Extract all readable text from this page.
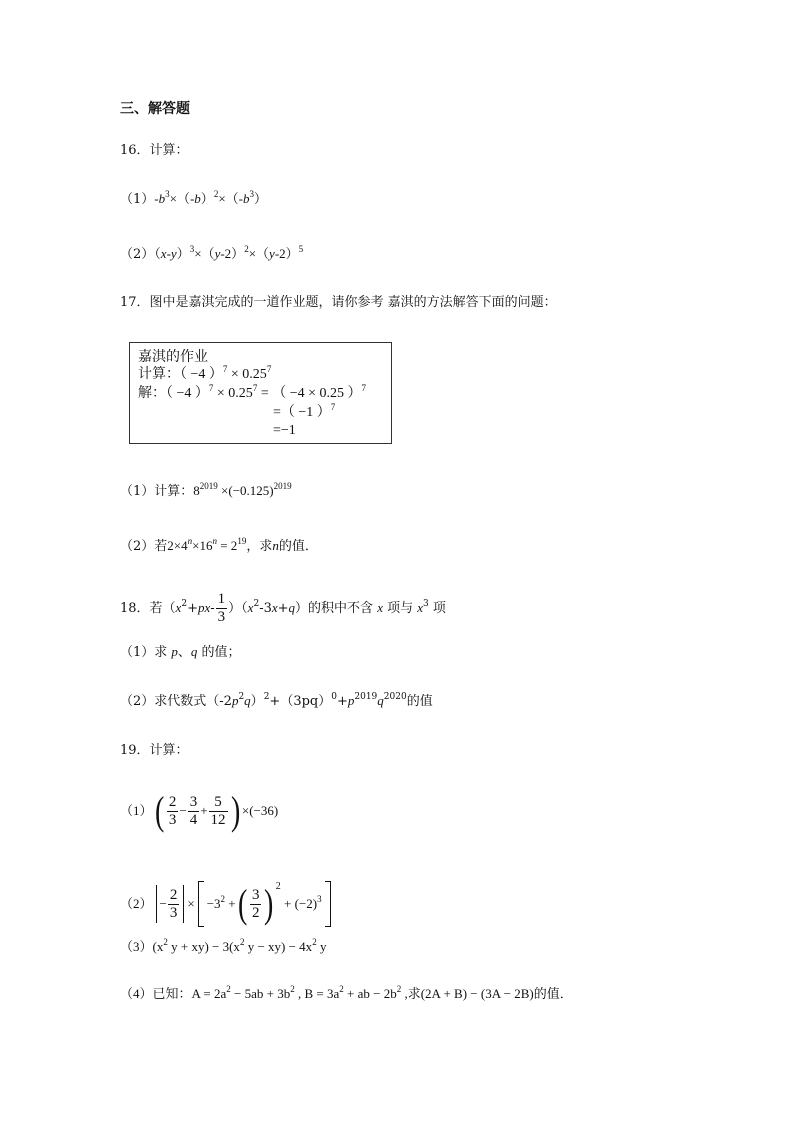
三、解答题
16．计算：
$(1)-b^3\times(-b)^2\times(-b^3)$
$(2)(x-y)^3\times(y-2)^2\times(y-2)^5$
17．图中是嘉淇完成的一道作业题，请你参考 嘉淇的方法解答下面的问题：
嘉淇的作业
计算：（ −4 ）$^7 \times 0.25^7$
解：（ −4 ）$^7 \times 0.25^7$ = （ −4 × 0.25 ）$^7$
=（ −1 ）$^7$
=−1
（1）计算：$8^{2019} \times(-0.125)^{2019}$
（2）若$2\times 4^n\times 16^n = 2^{19}$，求n的值．
18．若$(x^2+px- \frac{1}{3} )(x^2-3x+q)$的积中不含 x 项与 $x^3$ 项
（1）求 p、q 的值；
（2）求代数式$(-2p^2q)^2+(3pq)^0+p^{2019}q^{2020}$的值
19．计算：
$(1)( \frac{2}{3} - \frac{3}{4} + \frac{5}{12}$ ) ×(−36)
$(2) - \frac{2}{3} \times -3^2$ +( $\frac{3}{2}$ ) $2 + (-2)^3$
$(3)(x^2$ $y + xy) - 3(x^2$ $y - xy) - 4x^2$ y
（4）已知：$A = 2a^2 - 5ab + 3b^2$ , $B = 3a^2$ + ab − $2b^2$ ,求(2A + B) − (3A − 2B)的值．
